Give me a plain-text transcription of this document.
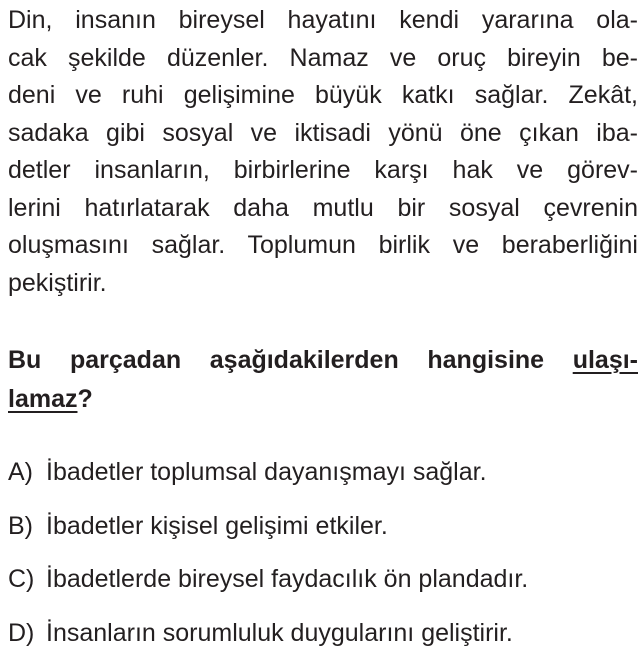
Din, insanın bireysel hayatını kendi yararına ola-
cak şekilde düzenler. Namaz ve oruç bireyin be-
deni ve ruhi gelişimine büyük katkı sağlar. Zekât,
sadaka gibi sosyal ve iktisadi yönü öne çıkan iba-
detler insanların, birbirlerine karşı hak ve görev-
lerini hatırlatarak daha mutlu bir sosyal çevrenin
oluşmasını sağlar. Toplumun birlik ve beraberliğini
pekiştirir.
Bu parçadan aşağıdakilerden hangisine ulaşı-
lamaz?
A) İbadetler toplumsal dayanışmayı sağlar.
B) İbadetler kişisel gelişimi etkiler.
C) İbadetlerde bireysel faydacılık ön plandadır.
D) İnsanların sorumluluk duygularını geliştirir.
